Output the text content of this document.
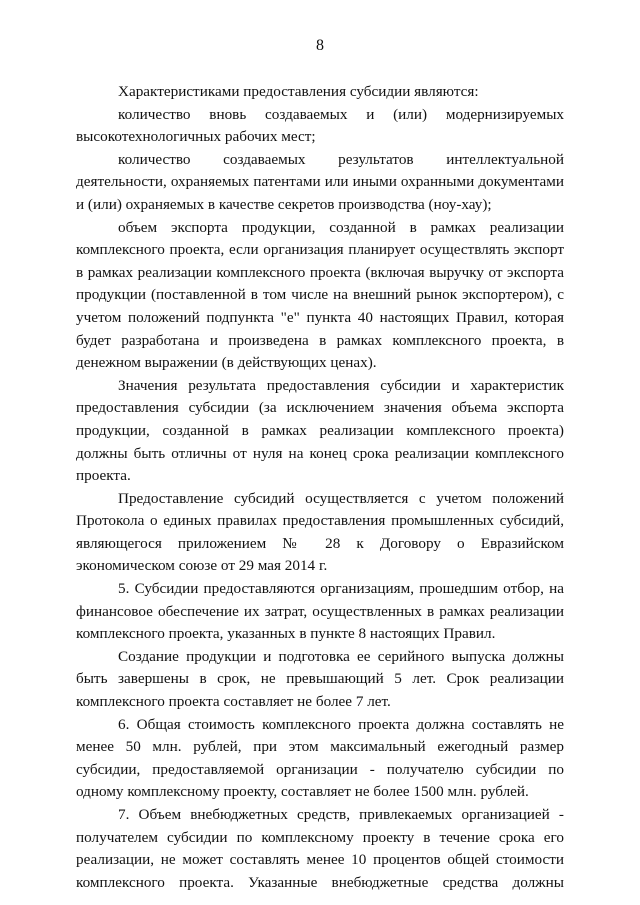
8

Характеристиками предоставления субсидии являются:

количество вновь создаваемых и (или) модернизируемых высокотехнологичных рабочих мест;

количество создаваемых результатов интеллектуальной деятельности, охраняемых патентами или иными охранными документами и (или) охраняемых в качестве секретов производства (ноу-хау);

объем экспорта продукции, созданной в рамках реализации комплексного проекта, если организация планирует осуществлять экспорт в рамках реализации комплексного проекта (включая выручку от экспорта продукции (поставленной в том числе на внешний рынок экспортером), с учетом положений подпункта "е" пункта 40 настоящих Правил, которая будет разработана и произведена в рамках комплексного проекта, в денежном выражении (в действующих ценах).

Значения результата предоставления субсидии и характеристик предоставления субсидии (за исключением значения объема экспорта продукции, созданной в рамках реализации комплексного проекта) должны быть отличны от нуля на конец срока реализации комплексного проекта.

Предоставление субсидий осуществляется с учетом положений Протокола о единых правилах предоставления промышленных субсидий, являющегося приложением № 28 к Договору о Евразийском экономическом союзе от 29 мая 2014 г.

5. Субсидии предоставляются организациям, прошедшим отбор, на финансовое обеспечение их затрат, осуществленных в рамках реализации комплексного проекта, указанных в пункте 8 настоящих Правил.

Создание продукции и подготовка ее серийного выпуска должны быть завершены в срок, не превышающий 5 лет. Срок реализации комплексного проекта составляет не более 7 лет.

6. Общая стоимость комплексного проекта должна составлять не менее 50 млн. рублей, при этом максимальный ежегодный размер субсидии, предоставляемой организации - получателю субсидии по одному комплексному проекту, составляет не более 1500 млн. рублей.

7. Объем внебюджетных средств, привлекаемых организацией - получателем субсидии по комплексному проекту в течение срока его реализации, не может составлять менее 10 процентов общей стоимости комплексного проекта. Указанные внебюджетные средства должны
